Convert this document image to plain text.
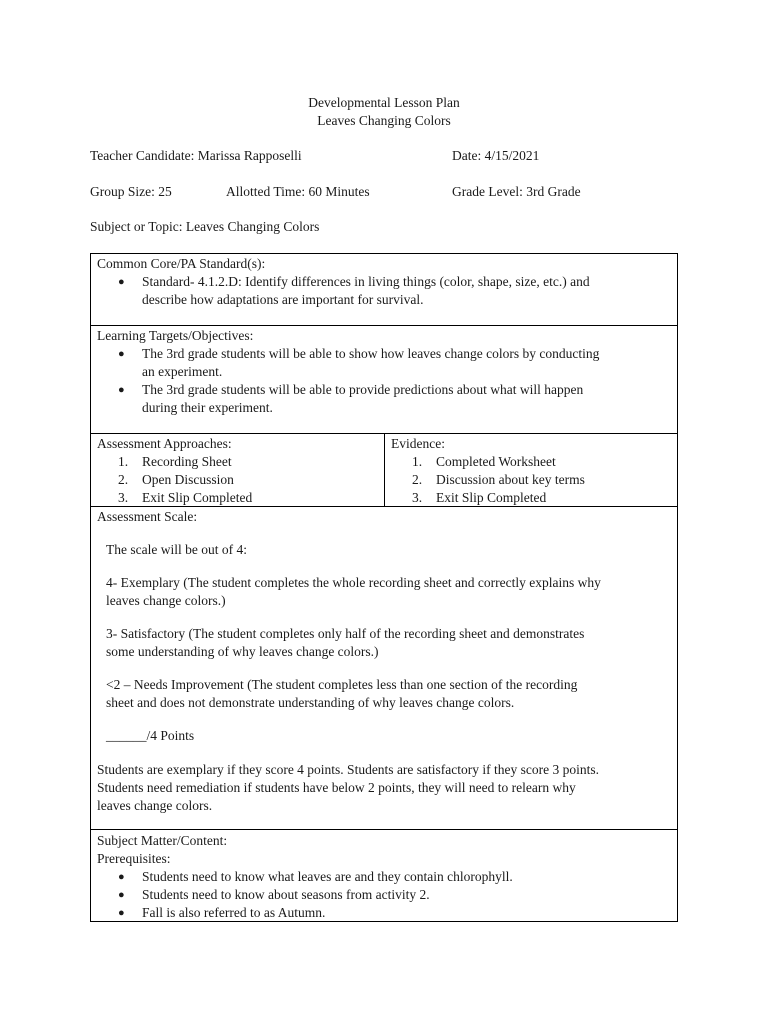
Developmental Lesson Plan
Leaves Changing Colors
Teacher Candidate: Marissa Rapposelli	Date: 4/15/2021
Group Size: 25	Allotted Time: 60 Minutes	Grade Level: 3rd Grade
Subject or Topic: Leaves Changing Colors
Common Core/PA Standard(s):
● Standard- 4.1.2.D: Identify differences in living things (color, shape, size, etc.) and
describe how adaptations are important for survival.
Learning Targets/Objectives:
● The 3rd grade students will be able to show how leaves change colors by conducting
an experiment.
● The 3rd grade students will be able to provide predictions about what will happen
during their experiment.
Assessment Approaches:
1. Recording Sheet
2. Open Discussion
3. Exit Slip Completed
Evidence:
1. Completed Worksheet
2. Discussion about key terms
3. Exit Slip Completed
Assessment Scale:
The scale will be out of 4:
4- Exemplary (The student completes the whole recording sheet and correctly explains why
leaves change colors.)
3- Satisfactory (The student completes only half of the recording sheet and demonstrates
some understanding of why leaves change colors.)
<2 – Needs Improvement (The student completes less than one section of the recording
sheet and does not demonstrate understanding of why leaves change colors.
______/4 Points
Students are exemplary if they score 4 points. Students are satisfactory if they score 3 points.
Students need remediation if students have below 2 points, they will need to relearn why
leaves change colors.
Subject Matter/Content:
Prerequisites:
● Students need to know what leaves are and they contain chlorophyll.
● Students need to know about seasons from activity 2.
● Fall is also referred to as Autumn.
